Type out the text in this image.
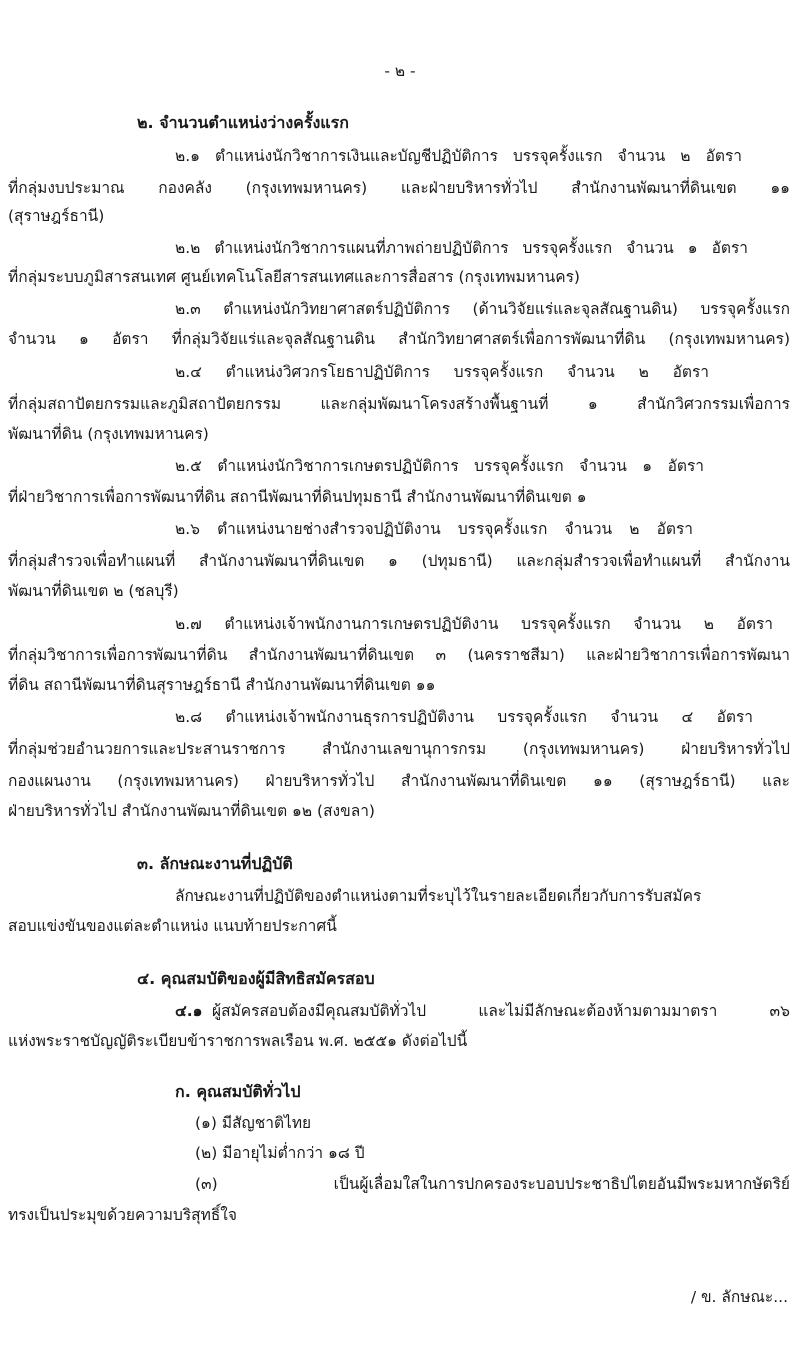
- ๒ -
๒. จำนวนตำแหน่งว่างครั้งแรก
๒.๑ ตำแหน่งนักวิชาการเงินและบัญชีปฏิบัติการ บรรจุครั้งแรก จำนวน ๒ อัตรา
ที่กลุ่มงบประมาณ กองคลัง (กรุงเทพมหานคร) และฝ่ายบริหารทั่วไป สำนักงานพัฒนาที่ดินเขต ๑๑
(สุราษฎร์ธานี)
๒.๒ ตำแหน่งนักวิชาการแผนที่ภาพถ่ายปฏิบัติการ บรรจุครั้งแรก จำนวน ๑ อัตรา
ที่กลุ่มระบบภูมิสารสนเทศ ศูนย์เทคโนโลยีสารสนเทศและการสื่อสาร (กรุงเทพมหานคร)
๒.๓ ตำแหน่งนักวิทยาศาสตร์ปฏิบัติการ (ด้านวิจัยแร่และจุลสัณฐานดิน) บรรจุครั้งแรก
จำนวน ๑ อัตรา ที่กลุ่มวิจัยแร่และจุลสัณฐานดิน สำนักวิทยาศาสตร์เพื่อการพัฒนาที่ดิน (กรุงเทพมหานคร)
๒.๔ ตำแหน่งวิศวกรโยธาปฏิบัติการ บรรจุครั้งแรก จำนวน ๒ อัตรา
ที่กลุ่มสถาปัตยกรรมและภูมิสถาปัตยกรรม และกลุ่มพัฒนาโครงสร้างพื้นฐานที่ ๑ สำนักวิศวกรรมเพื่อการ
พัฒนาที่ดิน (กรุงเทพมหานคร)
๒.๕ ตำแหน่งนักวิชาการเกษตรปฏิบัติการ บรรจุครั้งแรก จำนวน ๑ อัตรา
ที่ฝ่ายวิชาการเพื่อการพัฒนาที่ดิน สถานีพัฒนาที่ดินปทุมธานี สำนักงานพัฒนาที่ดินเขต ๑
๒.๖ ตำแหน่งนายช่างสำรวจปฏิบัติงาน บรรจุครั้งแรก จำนวน ๒ อัตรา
ที่กลุ่มสำรวจเพื่อทำแผนที่ สำนักงานพัฒนาที่ดินเขต ๑ (ปทุมธานี) และกลุ่มสำรวจเพื่อทำแผนที่ สำนักงาน
พัฒนาที่ดินเขต ๒ (ชลบุรี)
๒.๗ ตำแหน่งเจ้าพนักงานการเกษตรปฏิบัติงาน บรรจุครั้งแรก จำนวน ๒ อัตรา
ที่กลุ่มวิชาการเพื่อการพัฒนาที่ดิน สำนักงานพัฒนาที่ดินเขต ๓ (นครราชสีมา) และฝ่ายวิชาการเพื่อการพัฒนา
ที่ดิน สถานีพัฒนาที่ดินสุราษฎร์ธานี สำนักงานพัฒนาที่ดินเขต ๑๑
๒.๘ ตำแหน่งเจ้าพนักงานธุรการปฏิบัติงาน บรรจุครั้งแรก จำนวน ๔ อัตรา
ที่กลุ่มช่วยอำนวยการและประสานราชการ สำนักงานเลขานุการกรม (กรุงเทพมหานคร) ฝ่ายบริหารทั่วไป
กองแผนงาน (กรุงเทพมหานคร) ฝ่ายบริหารทั่วไป สำนักงานพัฒนาที่ดินเขต ๑๑ (สุราษฎร์ธานี) และ
ฝ่ายบริหารทั่วไป สำนักงานพัฒนาที่ดินเขต ๑๒ (สงขลา)
๓. ลักษณะงานที่ปฏิบัติ
ลักษณะงานที่ปฏิบัติของตำแหน่งตามที่ระบุไว้ในรายละเอียดเกี่ยวกับการรับสมัคร
สอบแข่งขันของแต่ละตำแหน่ง แนบท้ายประกาศนี้
๔. คุณสมบัติของผู้มีสิทธิสมัครสอบ
๔.๑ ผู้สมัครสอบต้องมีคุณสมบัติทั่วไป และไม่มีลักษณะต้องห้ามตามมาตรา ๓๖
แห่งพระราชบัญญัติระเบียบข้าราชการพลเรือน พ.ศ. ๒๕๕๑ ดังต่อไปนี้
ก. คุณสมบัติทั่วไป
(๑) มีสัญชาติไทย
(๒) มีอายุไม่ต่ำกว่า ๑๘ ปี
(๓) เป็นผู้เลื่อมใสในการปกครองระบอบประชาธิปไตยอันมีพระมหากษัตริย์
ทรงเป็นประมุขด้วยความบริสุทธิ์ใจ
/ ข. ลักษณะ...
